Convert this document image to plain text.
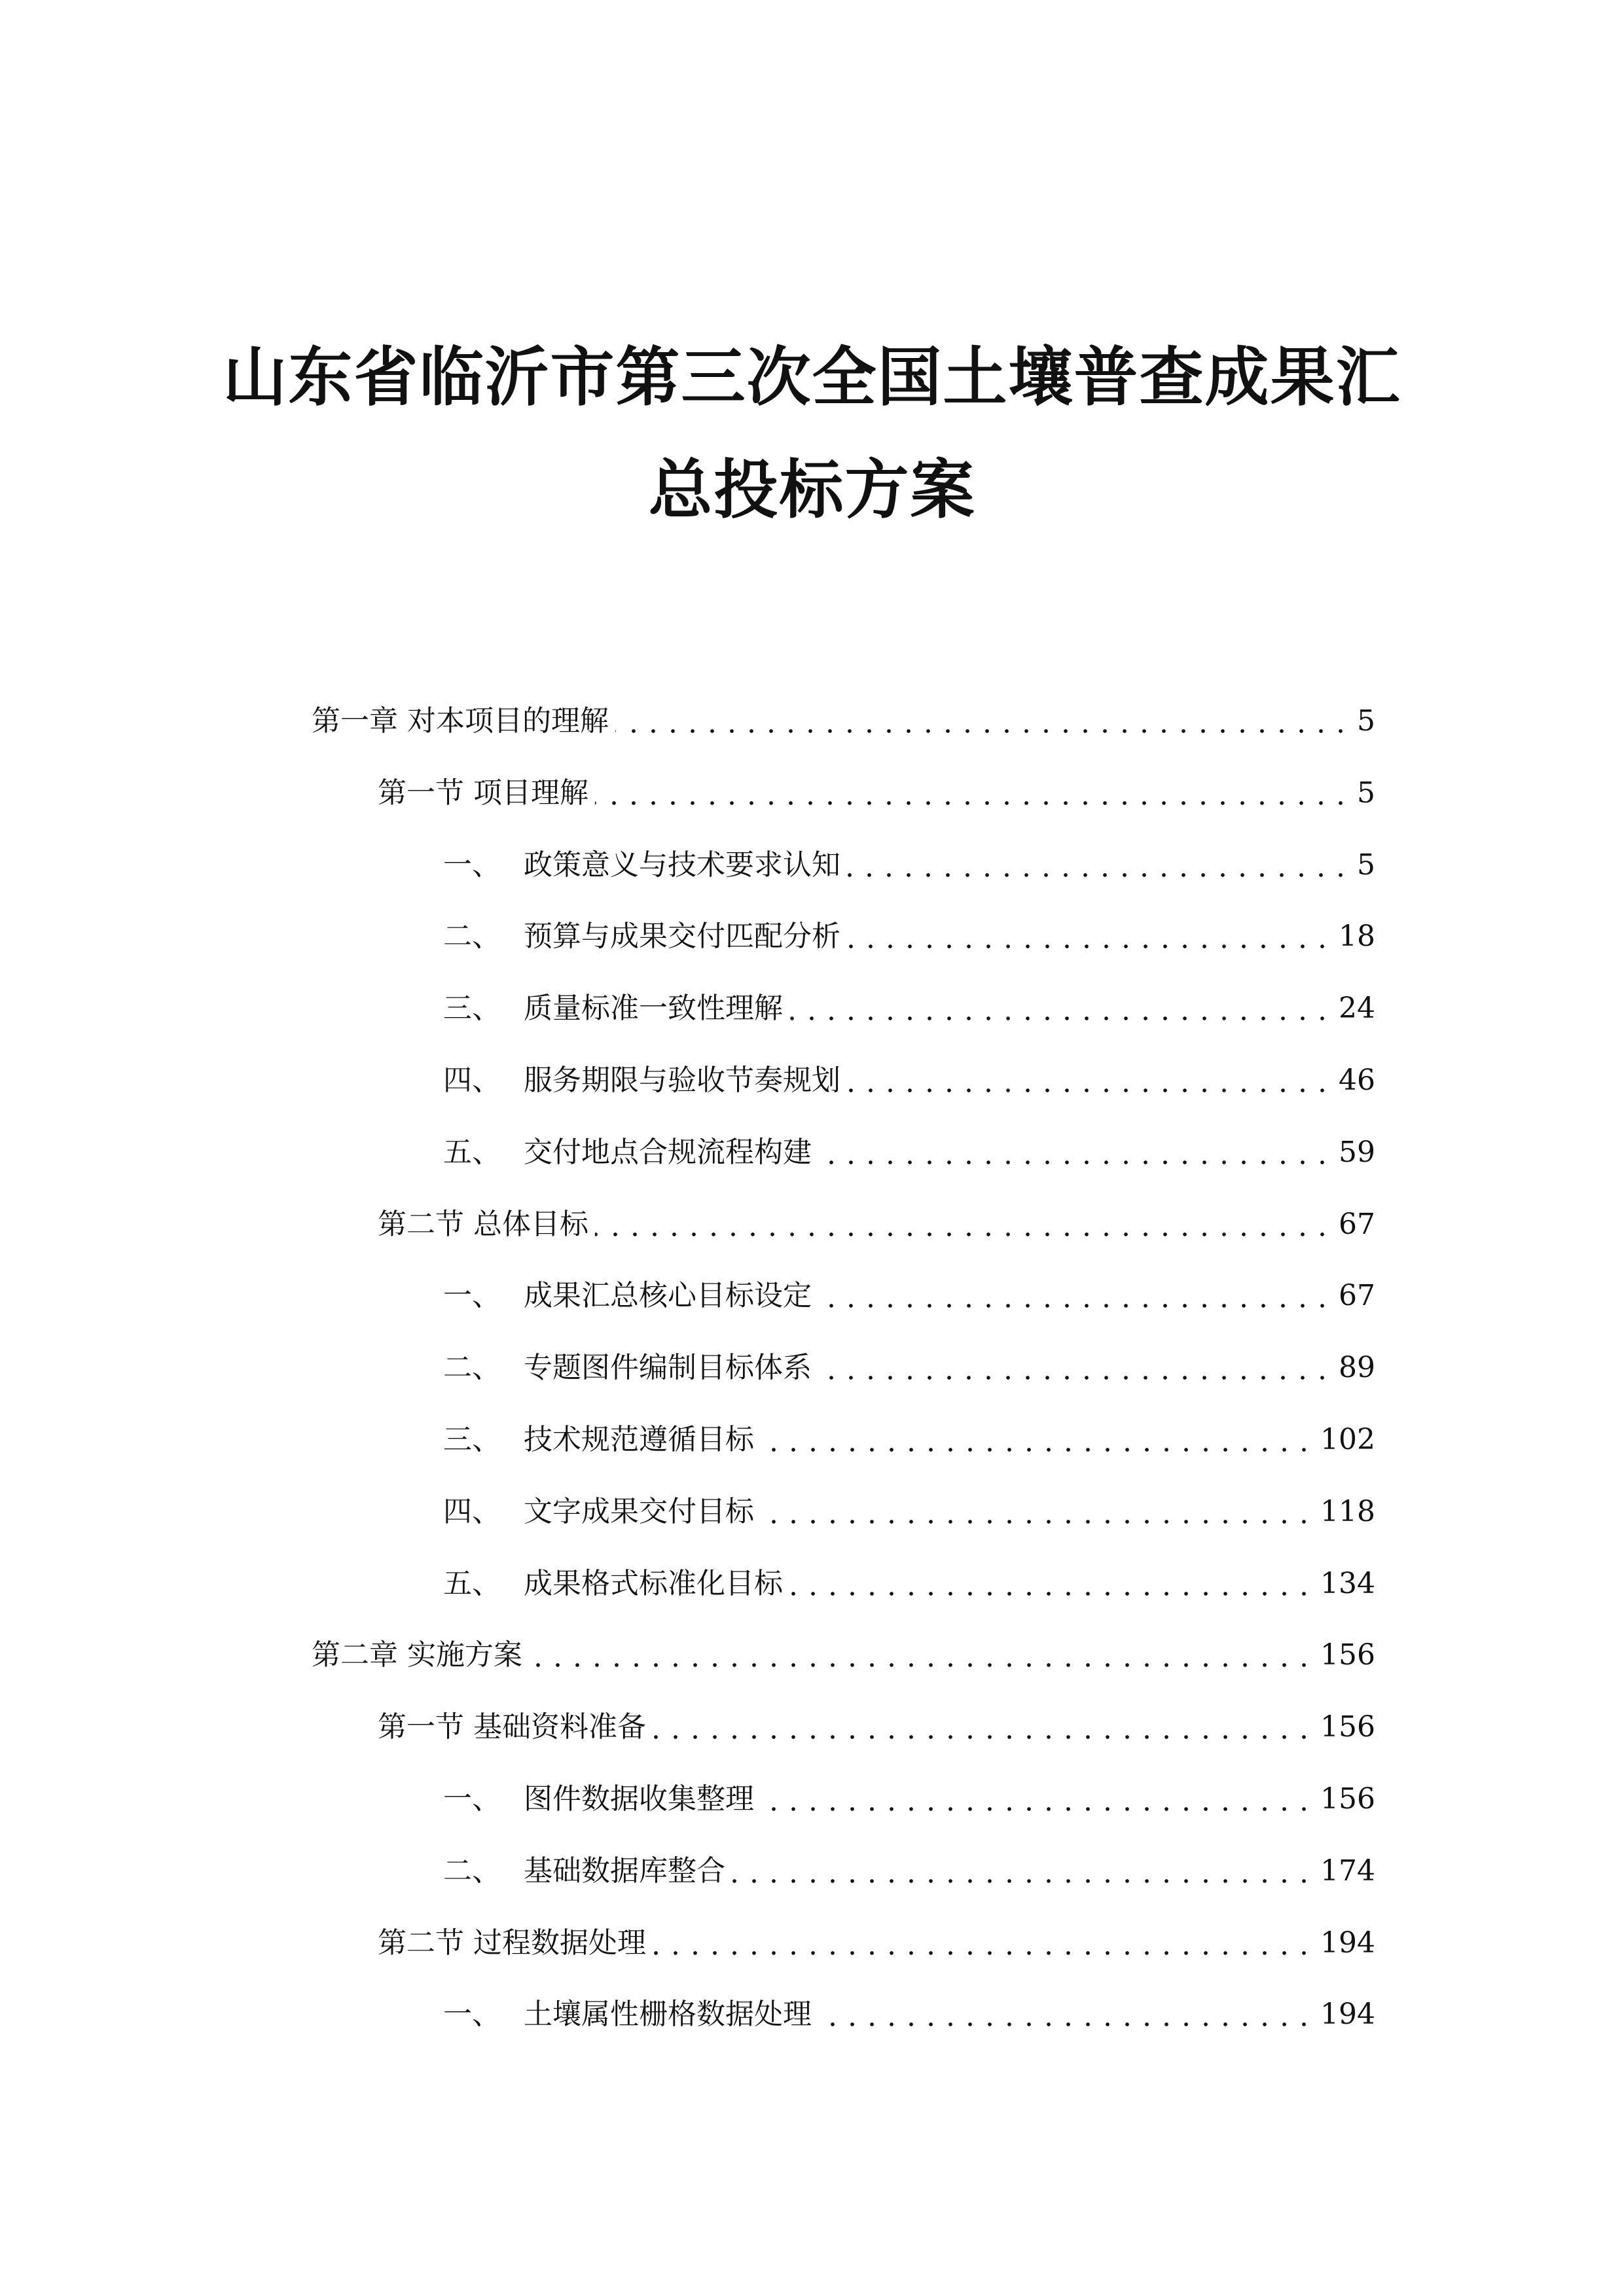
山东省临沂市第三次全国土壤普查成果汇
总投标方案
第一章 对本项目的理解	5
第一节 项目理解	5
一、 政策意义与技术要求认知	5
二、 预算与成果交付匹配分析	18
三、 质量标准一致性理解	24
四、 服务期限与验收节奏规划	46
五、 交付地点合规流程构建	59
第二节 总体目标	67
一、 成果汇总核心目标设定	67
二、 专题图件编制目标体系	89
三、 技术规范遵循目标	102
四、 文字成果交付目标	118
五、 成果格式标准化目标	134
第二章 实施方案	156
第一节 基础资料准备	156
一、 图件数据收集整理	156
二、 基础数据库整合	174
第二节 过程数据处理	194
一、 土壤属性栅格数据处理	194
